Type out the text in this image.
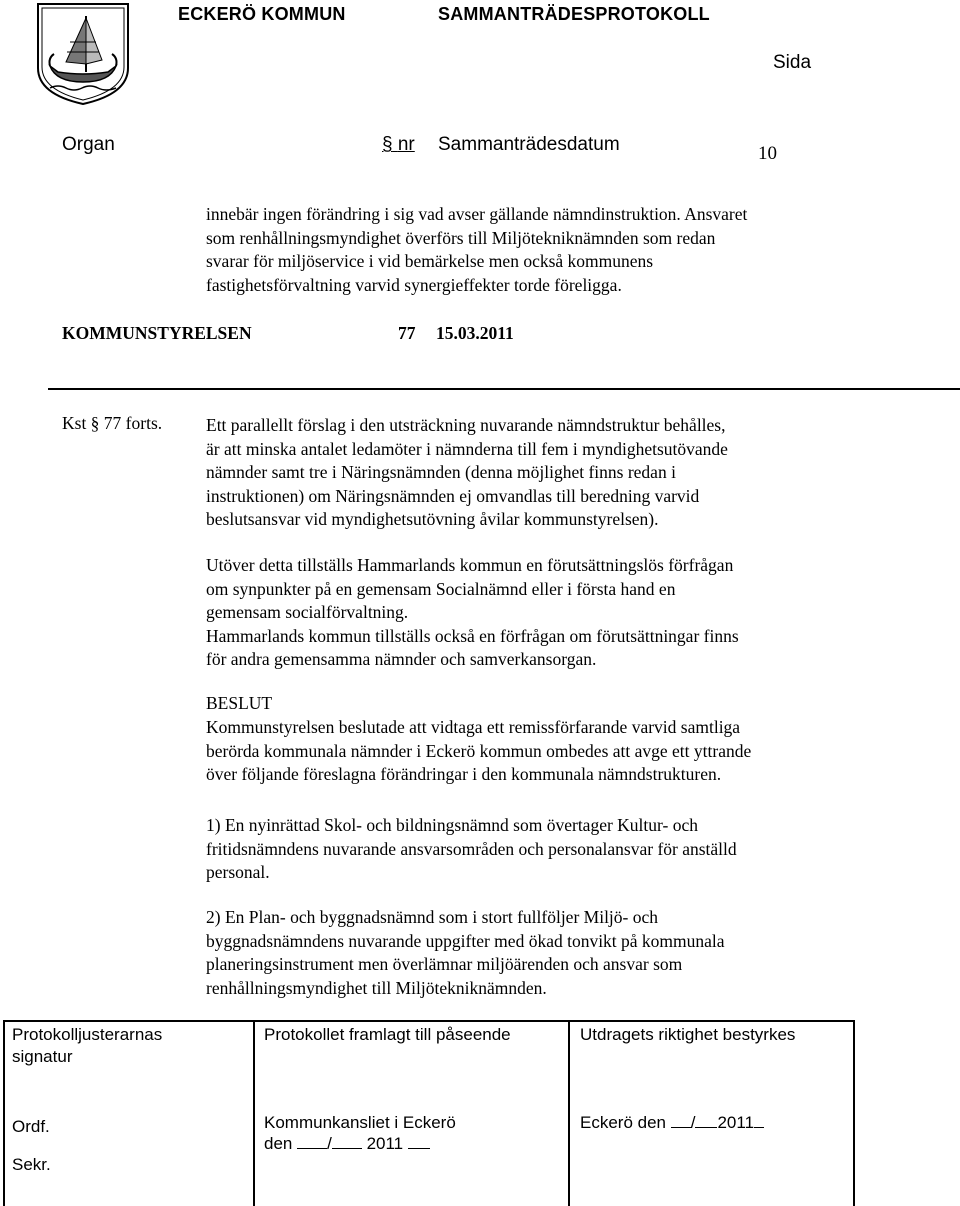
ECKERÖ KOMMUN	SAMMANTRÄDESPROTOKOLL
Sida
Organ	§ nr Sammanträdesdatum	10

innebär ingen förändring i sig vad avser gällande nämndinstruktion. Ansvaret

som renhållningsmyndighet överförs till Miljötekniknämnden som redan

svarar för miljöservice i vid bemärkelse men också kommunens

fastighetsförvaltning varvid synergieffekter torde föreligga.

KOMMUNSTYRELSEN	77 15.03.2011
Kst § 77 forts.	Ett parallellt förslag i den utsträckning nuvarande nämndstruktur behålles,

är att minska antalet ledamöter i nämnderna till fem i myndighetsutövande

nämnder samt tre i Näringsnämnden (denna möjlighet finns redan i

instruktionen) om Näringsnämnden ej omvandlas till beredning varvid

beslutsansvar vid myndighetsutövning åvilar kommunstyrelsen).

Utöver detta tillställs Hammarlands kommun en förutsättningslös förfrågan

om synpunkter på en gemensam Socialnämnd eller i första hand en

gemensam socialförvaltning.

Hammarlands kommun tillställs också en förfrågan om förutsättningar finns

för andra gemensamma nämnder och samverkansorgan.

BESLUT

Kommunstyrelsen beslutade att vidtaga ett remissförfarande varvid samtliga

berörda kommunala nämnder i Eckerö kommun ombedes att avge ett yttrande

över följande föreslagna förändringar i den kommunala nämndstrukturen.

1) En nyinrättad Skol- och bildningsnämnd som övertager Kultur- och

fritidsnämndens nuvarande ansvarsområden och personalansvar för anställd

personal.

2) En Plan- och byggnadsnämnd som i stort fullföljer Miljö- och

byggnadsnämndens nuvarande uppgifter med ökad tonvikt på kommunala

planeringsinstrument men överlämnar miljöärenden och ansvar som

renhållningsmyndighet till Miljötekniknämnden.

Protokolljusterarnas
signatur
Ordf.
Sekr.
Protokollet framlagt till påseende
Kommunkansliet i Eckerö
den / 2011
Utdragets riktighet bestyrkes
Eckerö den / 2011
